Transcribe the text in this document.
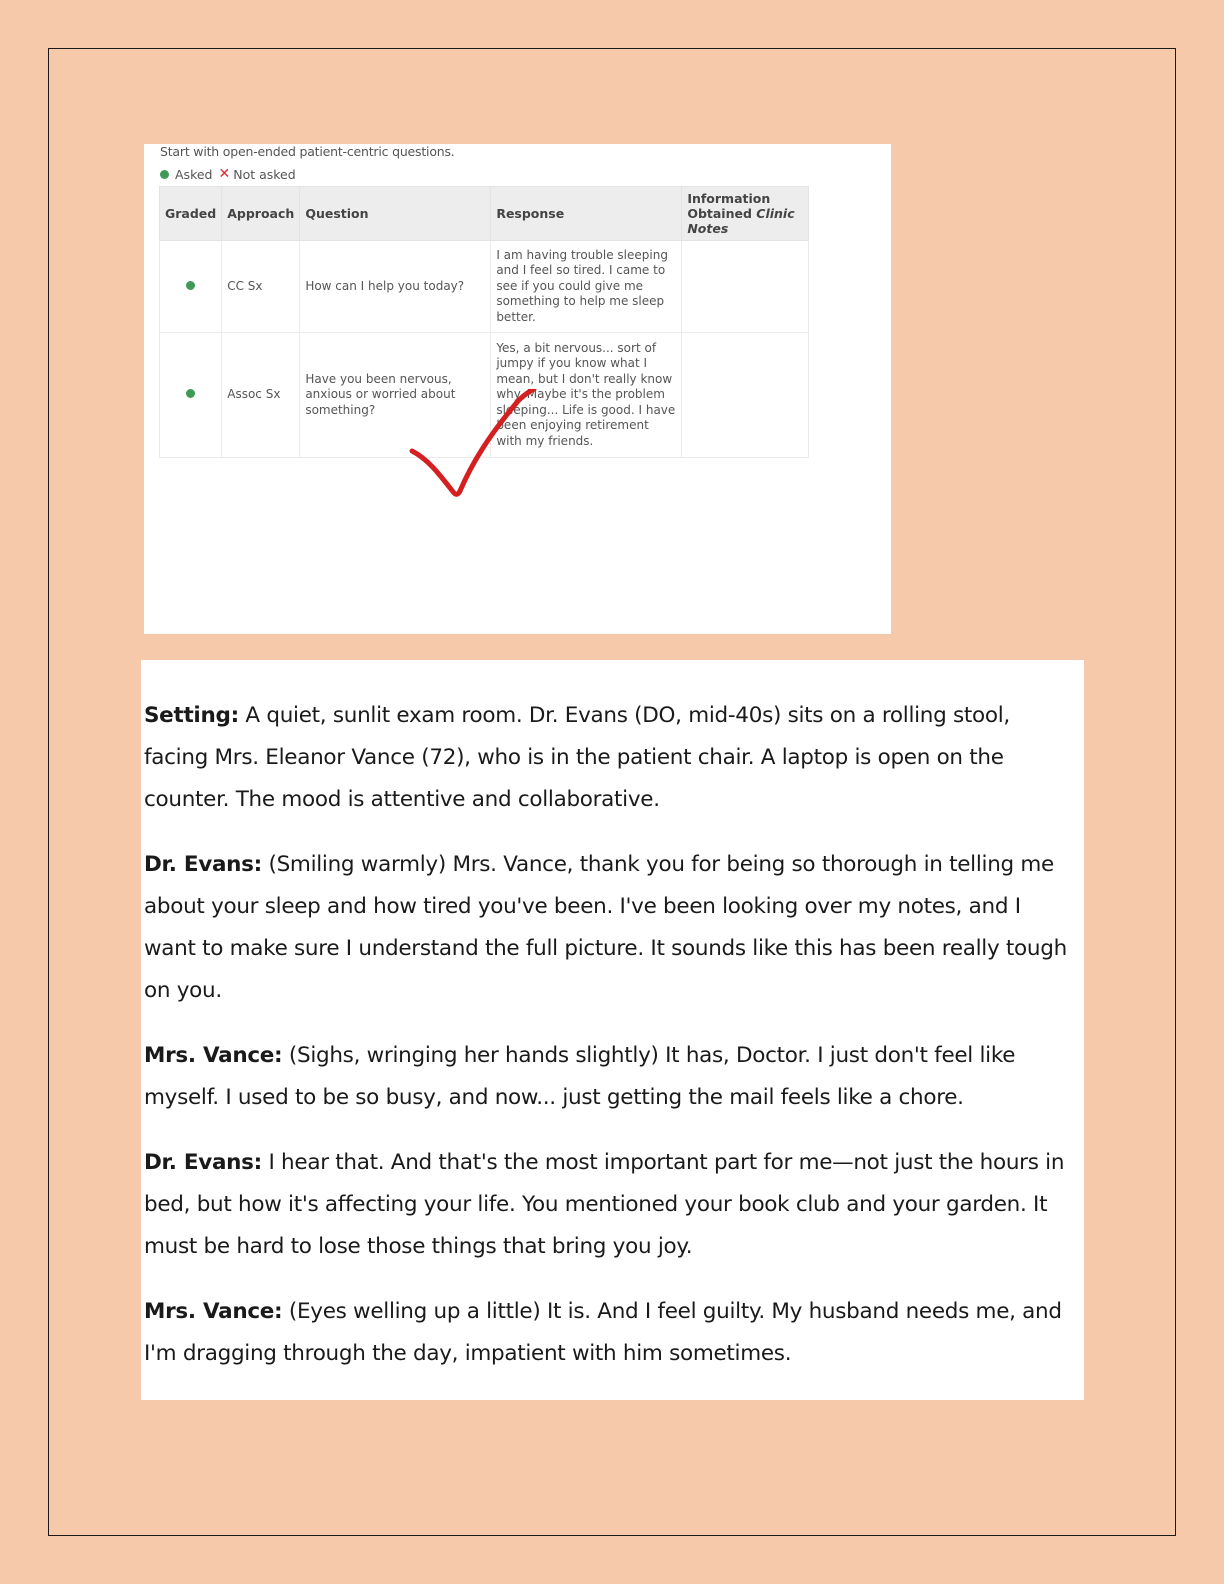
Start with open-ended patient-centric questions.
Asked ✕ Not asked
Graded	Approach	Question	Response	Information
Obtained Clinic Notes
	CC Sx	How can I help you today?	I am having trouble sleeping and I feel so tired. I came to see if you could give me something to help me sleep better.	
	Assoc Sx	Have you been nervous, anxious or worried about something?	Yes, a bit nervous... sort of jumpy if you know what I mean, but I don't really know why. Maybe it's the problem sleeping... Life is good. I have been enjoying retirement with my friends.	

Setting: A quiet, sunlit exam room. Dr. Evans (DO, mid-40s) sits on a rolling stool, facing Mrs. Eleanor Vance (72), who is in the patient chair. A laptop is open on the counter. The mood is attentive and collaborative.

Dr. Evans: (Smiling warmly) Mrs. Vance, thank you for being so thorough in telling me about your sleep and how tired you've been. I've been looking over my notes, and I want to make sure I understand the full picture. It sounds like this has been really tough on you.

Mrs. Vance: (Sighs, wringing her hands slightly) It has, Doctor. I just don't feel like myself. I used to be so busy, and now... just getting the mail feels like a chore.

Dr. Evans: I hear that. And that's the most important part for me—not just the hours in bed, but how it's affecting your life. You mentioned your book club and your garden. It must be hard to lose those things that bring you joy.

Mrs. Vance: (Eyes welling up a little) It is. And I feel guilty. My husband needs me, and I'm dragging through the day, impatient with him sometimes.
